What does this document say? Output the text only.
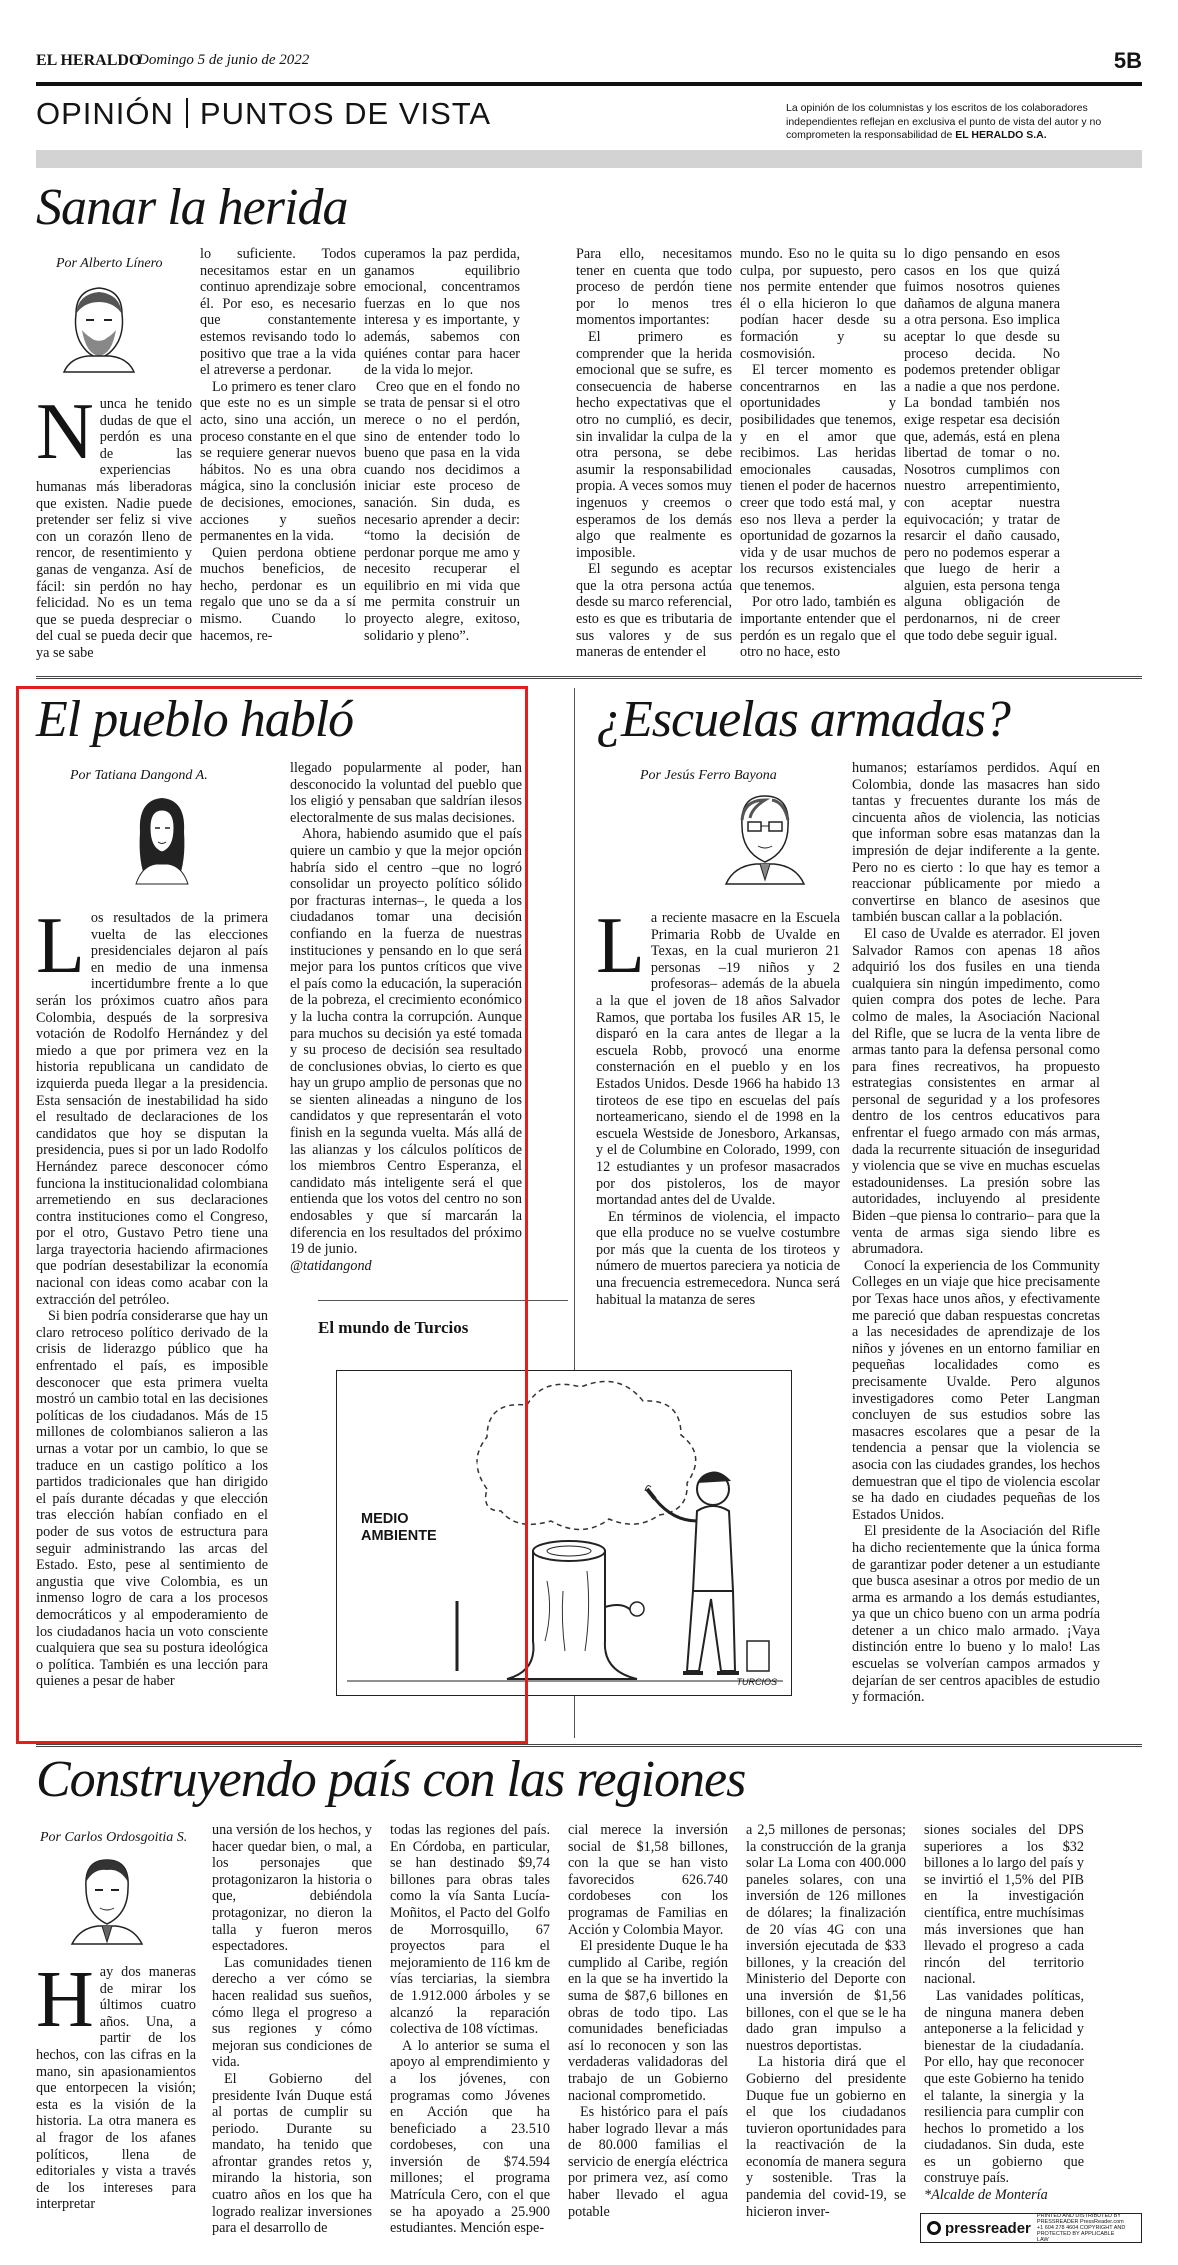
EL HERALDO
Domingo 5 de junio de 2022	5B
OPINIÓN PUNTOS DE VISTA	La opinión de los columnistas y los escritos de los colaboradores independientes reflejan en exclusiva el punto de vista del autor y no comprometen la responsabilidad de EL HERALDO S.A.
Sanar la herida
Por Alberto Línero
N unca he tenido dudas de que el perdón es una de las experiencias humanas más liberadoras que existen. Nadie puede pretender ser feliz si vive con un corazón lleno de rencor, de resentimiento y ganas de venganza. Así de fácil: sin perdón no hay felicidad. No es un tema que se pueda despreciar o del cual se pueda decir que ya se sabe

lo suficiente. Todos necesitamos estar en un continuo aprendizaje sobre él. Por eso, es necesario que constantemente estemos revisando todo lo positivo que trae a la vida el atreverse a perdonar.

Lo primero es tener claro que este no es un simple acto, sino una acción, un proceso constante en el que se requiere generar nuevos hábitos. No es una obra mágica, sino la conclusión de decisiones, emociones, acciones y sueños permanentes en la vida.

Quien perdona obtiene muchos beneficios, de hecho, perdonar es un regalo que uno se da a sí mismo. Cuando lo hacemos, re-

cuperamos la paz perdida, ganamos equilibrio emocional, concentramos fuerzas en lo que nos interesa y es importante, y además, sabemos con quiénes contar para hacer de la vida lo mejor.

Creo que en el fondo no se trata de pensar si el otro merece o no el perdón, sino de entender todo lo bueno que pasa en la vida cuando nos decidimos a iniciar este proceso de sanación. Sin duda, es necesario aprender a decir: “tomo la decisión de perdonar porque me amo y necesito recuperar el equilibrio en mi vida que me permita construir un proyecto alegre, exitoso, solidario y pleno”.

Para ello, necesitamos tener en cuenta que todo proceso de perdón tiene por lo menos tres momentos importantes:

El primero es comprender que la herida emocional que se sufre, es consecuencia de haberse hecho expectativas que el otro no cumplió, es decir, sin invalidar la culpa de la otra persona, se debe asumir la responsabilidad propia. A veces somos muy ingenuos y creemos o esperamos de los demás algo que realmente es imposible.

El segundo es aceptar que la otra persona actúa desde su marco referencial, esto es que es tributaria de sus valores y de sus maneras de entender el

mundo. Eso no le quita su culpa, por supuesto, pero nos permite entender que él o ella hicieron lo que podían hacer desde su formación y su cosmovisión.

El tercer momento es concentrarnos en las oportunidades y posibilidades que tenemos, y en el amor que recibimos. Las heridas emocionales causadas, tienen el poder de hacernos creer que todo está mal, y eso nos lleva a perder la oportunidad de gozarnos la vida y de usar muchos de los recursos existenciales que tenemos.

Por otro lado, también es importante entender que el perdón es un regalo que el otro no hace, esto

lo digo pensando en esos casos en los que quizá fuimos nosotros quienes dañamos de alguna manera a otra persona. Eso implica aceptar lo que desde su proceso decida. No podemos pretender obligar a nadie a que nos perdone. La bondad también nos exige respetar esa decisión que, además, está en plena libertad de tomar o no. Nosotros cumplimos con nuestro arrepentimiento, con aceptar nuestra equivocación; y tratar de resarcir el daño causado, pero no podemos esperar a que luego de herir a alguien, esta persona tenga alguna obligación de perdonarnos, ni de creer que todo debe seguir igual.

El pueblo habló
Por Tatiana Dangond A.
L os resultados de la primera vuelta de las elecciones presidenciales dejaron al país en medio de una inmensa incertidumbre frente a lo que serán los próximos cuatro años para Colombia, después de la sorpresiva votación de Rodolfo Hernández y del miedo a que por primera vez en la historia republicana un candidato de izquierda pueda llegar a la presidencia. Esta sensación de inestabilidad ha sido el resultado de declaraciones de los candidatos que hoy se disputan la presidencia, pues si por un lado Rodolfo Hernández parece desconocer cómo funciona la institucionalidad colombiana arremetiendo en sus declaraciones contra instituciones como el Congreso, por el otro, Gustavo Petro tiene una larga trayectoria haciendo afirmaciones que podrían desestabilizar la economía nacional con ideas como acabar con la extracción del petróleo.

Si bien podría considerarse que hay un claro retroceso político derivado de la crisis de liderazgo público que ha enfrentado el país, es imposible desconocer que esta primera vuelta mostró un cambio total en las decisiones políticas de los ciudadanos. Más de 15 millones de colombianos salieron a las urnas a votar por un cambio, lo que se traduce en un castigo político a los partidos tradicionales que han dirigido el país durante décadas y que elección tras elección habían confiado en el poder de sus votos de estructura para seguir administrando las arcas del Estado. Esto, pese al sentimiento de angustia que vive Colombia, es un inmenso logro de cara a los procesos democráticos y al empoderamiento de los ciudadanos hacia un voto consciente cualquiera que sea su postura ideológica o política. También es una lección para quienes a pesar de haber

llegado popularmente al poder, han desconocido la voluntad del pueblo que los eligió y pensaban que saldrían ilesos electoralmente de sus malas decisiones.

Ahora, habiendo asumido que el país quiere un cambio y que la mejor opción habría sido el centro –que no logró consolidar un proyecto político sólido por fracturas internas–, le queda a los ciudadanos tomar una decisión confiando en la fuerza de nuestras instituciones y pensando en lo que será mejor para los puntos críticos que vive el país como la educación, la superación de la pobreza, el crecimiento económico y la lucha contra la corrupción. Aunque para muchos su decisión ya esté tomada y su proceso de decisión sea resultado de conclusiones obvias, lo cierto es que hay un grupo amplio de personas que no se sienten alineadas a ninguno de los candidatos y que representarán el voto finish en la segunda vuelta. Más allá de las alianzas y los cálculos políticos de los miembros Centro Esperanza, el candidato más inteligente será el que entienda que los votos del centro no son endosables y que sí marcarán la diferencia en los resultados del próximo 19 de junio.

@tatidangond

El mundo de Turcios
MEDIO
AMBIENTE
TURCIOS
¿Escuelas armadas?
Por Jesús Ferro Bayona
L a reciente masacre en la Escuela Primaria Robb de Uvalde en Texas, en la cual murieron 21 personas –19 niños y 2 profesoras– además de la abuela a la que el joven de 18 años Salvador Ramos, que portaba los fusiles AR 15, le disparó en la cara antes de llegar a la escuela Robb, provocó una enorme consternación en el pueblo y en los Estados Unidos. Desde 1966 ha habido 13 tiroteos de ese tipo en escuelas del país norteamericano, siendo el de 1998 en la escuela Westside de Jonesboro, Arkansas, y el de Columbine en Colorado, 1999, con 12 estudiantes y un profesor masacrados por dos pistoleros, los de mayor mortandad antes del de Uvalde.

En términos de violencia, el impacto que ella produce no se vuelve costumbre por más que la cuenta de los tiroteos y número de muertos pareciera ya noticia de una frecuencia estremecedora. Nunca será habitual la matanza de seres

humanos; estaríamos perdidos. Aquí en Colombia, donde las masacres han sido tantas y frecuentes durante los más de cincuenta años de violencia, las noticias que informan sobre esas matanzas dan la impresión de dejar indiferente a la gente. Pero no es cierto : lo que hay es temor a reaccionar públicamente por miedo a convertirse en blanco de asesinos que también buscan callar a la población.

El caso de Uvalde es aterrador. El joven Salvador Ramos con apenas 18 años adquirió los dos fusiles en una tienda cualquiera sin ningún impedimento, como quien compra dos potes de leche. Para colmo de males, la Asociación Nacional del Rifle, que se lucra de la venta libre de armas tanto para la defensa personal como para fines recreativos, ha propuesto estrategias consistentes en armar al personal de seguridad y a los profesores dentro de los centros educativos para enfrentar el fuego armado con más armas, dada la recurrente situación de inseguridad y violencia que se vive en muchas escuelas estadounidenses. La presión sobre las autoridades, incluyendo al presidente Biden –que piensa lo contrario– para que la venta de armas siga siendo libre es abrumadora.

Conocí la experiencia de los Community Colleges en un viaje que hice precisamente por Texas hace unos años, y efectivamente me pareció que daban respuestas concretas a las necesidades de aprendizaje de los niños y jóvenes en un entorno familiar en pequeñas localidades como es precisamente Uvalde. Pero algunos investigadores como Peter Langman concluyen de sus estudios sobre las masacres escolares que a pesar de la tendencia a pensar que la violencia se asocia con las ciudades grandes, los hechos demuestran que el tipo de violencia escolar se ha dado en ciudades pequeñas de los Estados Unidos.

El presidente de la Asociación del Rifle ha dicho recientemente que la única forma de garantizar poder detener a un estudiante que busca asesinar a otros por medio de un arma es armando a los demás estudiantes, ya que un chico bueno con un arma podría detener a un chico malo armado. ¡Vaya distinción entre lo bueno y lo malo! Las escuelas se volverían campos armados y dejarían de ser centros apacibles de estudio y formación.

Construyendo país con las regiones
Por Carlos Ordosgoitia S.
H ay dos maneras de mirar los últimos cuatro años. Una, a partir de los hechos, con las cifras en la mano, sin apasionamientos que entorpecen la visión; esta es la visión de la historia. La otra manera es al fragor de los afanes políticos, llena de editoriales y vista a través de los intereses para interpretar

una versión de los hechos, y hacer quedar bien, o mal, a los personajes que protagonizaron la historia o que, debiéndola protagonizar, no dieron la talla y fueron meros espectadores.

Las comunidades tienen derecho a ver cómo se hacen realidad sus sueños, cómo llega el progreso a sus regiones y cómo mejoran sus condiciones de vida.

El Gobierno del presidente Iván Duque está al portas de cumplir su periodo. Durante su mandato, ha tenido que afrontar grandes retos y, mirando la historia, son cuatro años en los que ha logrado realizar inversiones para el desarrollo de

todas las regiones del país. En Córdoba, en particular, se han destinado $9,74 billones para obras tales como la vía Santa Lucía-Moñitos, el Pacto del Golfo de Morrosquillo, 67 proyectos para el mejoramiento de 116 km de vías terciarias, la siembra de 1.912.000 árboles y se alcanzó la reparación colectiva de 108 víctimas.

A lo anterior se suma el apoyo al emprendimiento y a los jóvenes, con programas como Jóvenes en Acción que ha beneficiado a 23.510 cordobeses, con una inversión de $74.594 millones; el programa Matrícula Cero, con el que se ha apoyado a 25.900 estudiantes. Mención espe-

cial merece la inversión social de $1,58 billones, con la que se han visto favorecidos 626.740 cordobeses con los programas de Familias en Acción y Colombia Mayor.

El presidente Duque le ha cumplido al Caribe, región en la que se ha invertido la suma de $87,6 billones en obras de todo tipo. Las comunidades beneficiadas así lo reconocen y son las verdaderas validadoras del trabajo de un Gobierno nacional comprometido.

Es histórico para el país haber logrado llevar a más de 80.000 familias el servicio de energía eléctrica por primera vez, así como haber llevado el agua potable

a 2,5 millones de personas; la construcción de la granja solar La Loma con 400.000 paneles solares, con una inversión de 126 millones de dólares; la finalización de 20 vías 4G con una inversión ejecutada de $33 billones, y la creación del Ministerio del Deporte con una inversión de $1,56 billones, con el que se le ha dado gran impulso a nuestros deportistas.

La historia dirá que el Gobierno del presidente Duque fue un gobierno en el que los ciudadanos tuvieron oportunidades para la reactivación de la economía de manera segura y sostenible. Tras la pandemia del covid-19, se hicieron inver-

siones sociales del DPS superiores a los $32 billones a lo largo del país y se invirtió el 1,5% del PIB en la investigación científica, entre muchísimas más inversiones que han llevado el progreso a cada rincón del territorio nacional.

Las vanidades políticas, de ninguna manera deben anteponerse a la felicidad y bienestar de la ciudadanía. Por ello, hay que reconocer que este Gobierno ha tenido el talante, la sinergia y la resiliencia para cumplir con hechos lo prometido a los ciudadanos. Sin duda, este es un gobierno que construye país.

*Alcalde de Montería

pressreader
PRINTED AND DISTRIBUTED BY PRESSREADER PressReader.com +1 604 278 4604 COPYRIGHT AND PROTECTED BY APPLICABLE LAW
